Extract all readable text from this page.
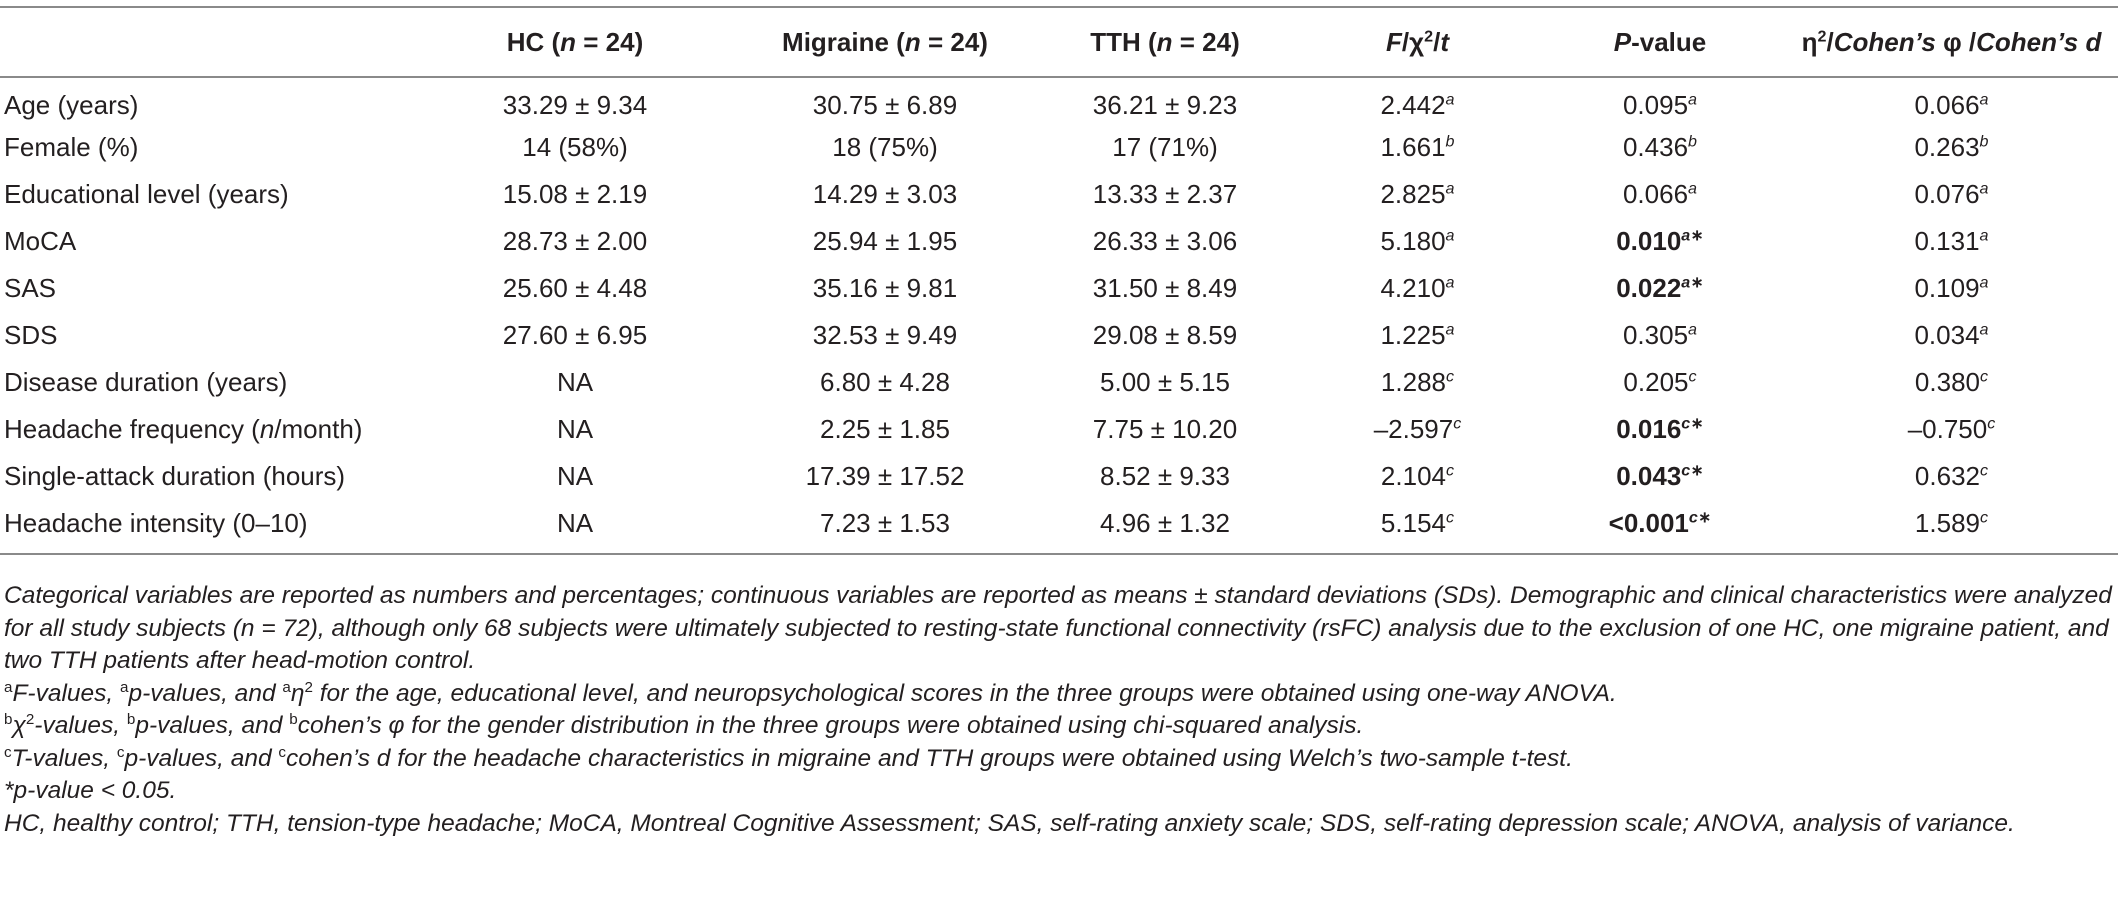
	HC (n = 24)	Migraine (n = 24)	TTH (n = 24)	$F/\chi^2/t$	P-value	$\eta^2/Cohen’s$ φ /Cohen’s d
Age (years)	33.29 ± 9.34	30.75 ± 6.89	36.21 ± 9.23	2.442$^a$	0.095$^a$	0.066$^a$
Female (%)	14 (58%)	18 (75%)	17 (71%)	1.661$^b$	0.436$^b$	0.263$^b$
Educational level (years)	15.08 ± 2.19	14.29 ± 3.03	13.33 ± 2.37	2.825$^a$	0.066$^a$	0.076$^a$
MoCA	28.73 ± 2.00	25.94 ± 1.95	26.33 ± 3.06	5.180$^a$	$0.010^{a∗}$	0.131$^a$
SAS	25.60 ± 4.48	35.16 ± 9.81	31.50 ± 8.49	4.210$^a$	$0.022^{a∗}$	0.109$^a$
SDS	27.60 ± 6.95	32.53 ± 9.49	29.08 ± 8.59	1.225$^a$	0.305$^a$	0.034$^a$
Disease duration (years)	NA	6.80 ± 4.28	5.00 ± 5.15	1.288$^c$	0.205$^c$	0.380$^c$
Headache frequency (n/month)	NA	2.25 ± 1.85	7.75 ± 10.20	–2.597$^c$	$0.016^{c∗}$	–0.750$^c$
Single-attack duration (hours)	NA	17.39 ± 17.52	8.52 ± 9.33	2.104$^c$	$0.043^{c∗}$	0.632$^c$
Headache intensity (0–10)	NA	7.23 ± 1.53	4.96 ± 1.32	5.154$^c$	$<0.001^{c∗}$	1.589$^c$

Categorical variables are reported as numbers and percentages; continuous variables are reported as means ± standard deviations (SDs). Demographic and clinical characteristics were analyzed for all study subjects (n = 72), although only 68 subjects were ultimately subjected to resting-state functional connectivity (rsFC) analysis due to the exclusion of one HC, one migraine patient, and two TTH patients after head-motion control.

$^a$F-values, $^a$p-values, and $^a\eta^2$ for the age, educational level, and neuropsychological scores in the three groups were obtained using one-way ANOVA.

$^b\chi^2$-values, $^b$p-values, and $^b$cohen’s φ for the gender distribution in the three groups were obtained using chi-squared analysis.

$^c$T-values, $^c$p-values, and $^c$cohen’s d for the headache characteristics in migraine and TTH groups were obtained using Welch’s two-sample t-test.

*p-value < 0.05.

HC, healthy control; TTH, tension-type headache; MoCA, Montreal Cognitive Assessment; SAS, self-rating anxiety scale; SDS, self-rating depression scale; ANOVA, analysis of variance.
